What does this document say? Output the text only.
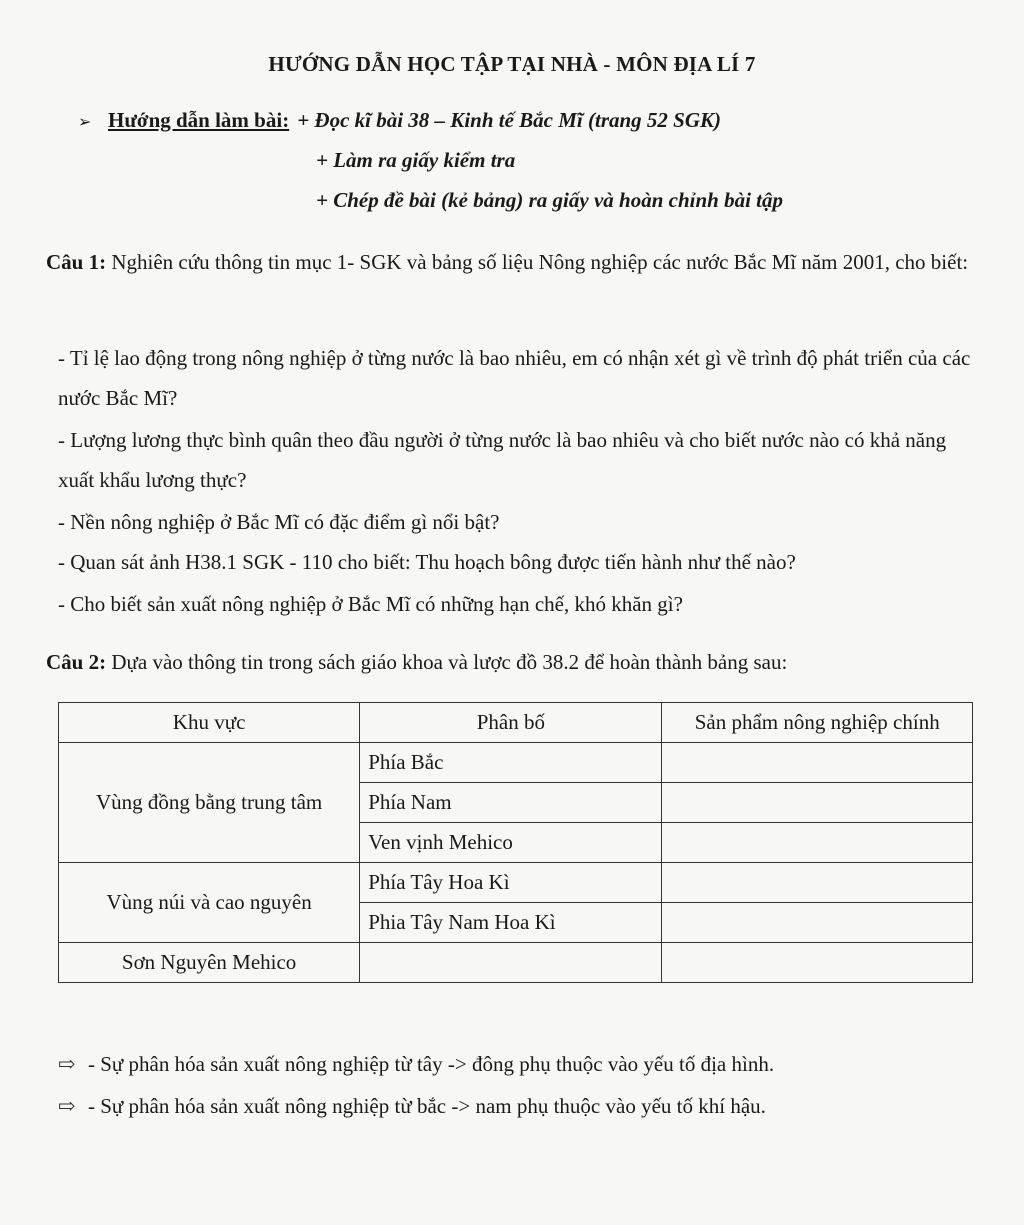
HƯỚNG DẪN HỌC TẬP TẠI NHÀ - MÔN ĐỊA LÍ 7
➢ Hướng dẫn làm bài: + Đọc kĩ bài 38 – Kinh tế Bắc Mĩ (trang 52 SGK)
+ Làm ra giấy kiểm tra
+ Chép đề bài (kẻ bảng) ra giấy và hoàn chỉnh bài tập
Câu 1: Nghiên cứu thông tin mục 1- SGK và bảng số liệu Nông nghiệp các nước Bắc Mĩ năm 2001, cho biết:
- Tỉ lệ lao động trong nông nghiệp ở từng nước là bao nhiêu, em có nhận xét gì về trình độ phát triển của các nước Bắc Mĩ?
- Lượng lương thực bình quân theo đầu người ở từng nước là bao nhiêu và cho biết nước nào có khả năng xuất khẩu lương thực?
- Nền nông nghiệp ở Bắc Mĩ có đặc điểm gì nổi bật?
- Quan sát ảnh H38.1 SGK - 110 cho biết: Thu hoạch bông được tiến hành như thế nào?
- Cho biết sản xuất nông nghiệp ở Bắc Mĩ có những hạn chế, khó khăn gì?
Câu 2: Dựa vào thông tin trong sách giáo khoa và lược đồ 38.2 để hoàn thành bảng sau:
Khu vực	Phân bố	Sản phẩm nông nghiệp chính
Vùng đồng bằng trung tâm	Phía Bắc	
	Phía Nam	
	Ven vịnh Mehico	
Vùng núi và cao nguyên	Phía Tây Hoa Kì	
	Phia Tây Nam Hoa Kì	
Sơn Nguyên Mehico		
⇨ - Sự phân hóa sản xuất nông nghiệp từ tây -> đông phụ thuộc vào yếu tố địa hình.
⇨ - Sự phân hóa sản xuất nông nghiệp từ bắc -> nam phụ thuộc vào yếu tố khí hậu.
